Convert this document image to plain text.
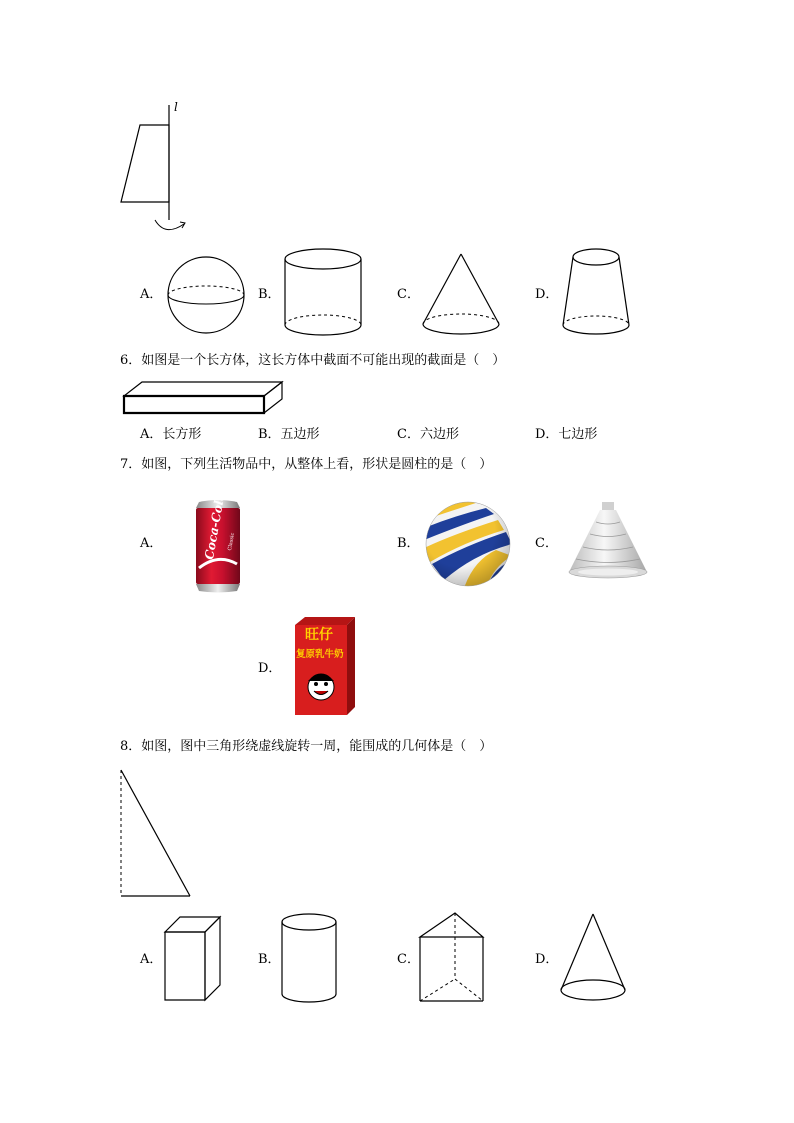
l
A．	B．	C．	D．
6．如图是一个长方体，这长方体中截面不可能出现的截面是（　）
A．长方形	B．五边形	C．六边形	D．七边形
7．如图，下列生活物品中，从整体上看，形状是圆柱的是（　）
A．	Coca-Cola Classic	B．	C．
D．
旺仔
复原乳牛奶
8．如图，图中三角形绕虚线旋转一周，能围成的几何体是（　）
A．	B．	C．	D．
